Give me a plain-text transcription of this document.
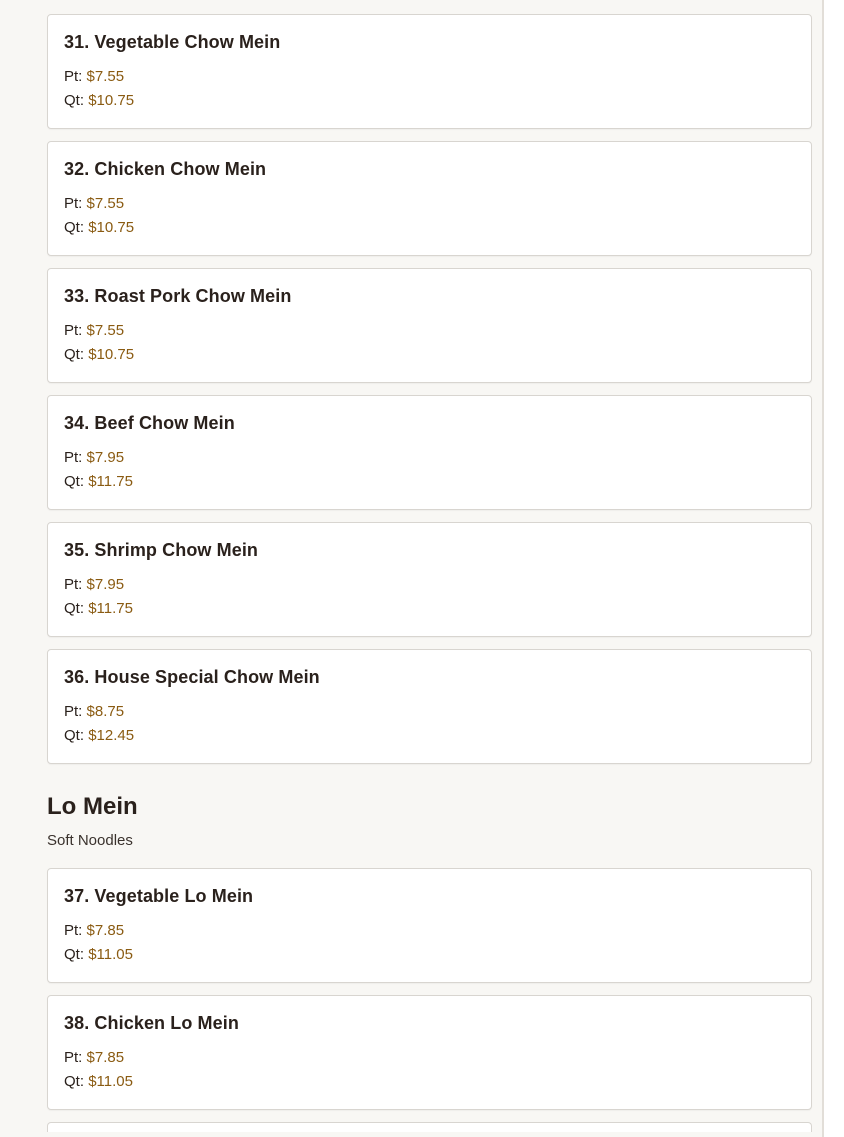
31. Vegetable Chow Mein
Pt: $7.55
Qt: $10.75
32. Chicken Chow Mein
Pt: $7.55
Qt: $10.75
33. Roast Pork Chow Mein
Pt: $7.55
Qt: $10.75
34. Beef Chow Mein
Pt: $7.95
Qt: $11.75
35. Shrimp Chow Mein
Pt: $7.95
Qt: $11.75
36. House Special Chow Mein
Pt: $8.75
Qt: $12.45
Lo Mein
Soft Noodles
37. Vegetable Lo Mein
Pt: $7.85
Qt: $11.05
38. Chicken Lo Mein
Pt: $7.85
Qt: $11.05
